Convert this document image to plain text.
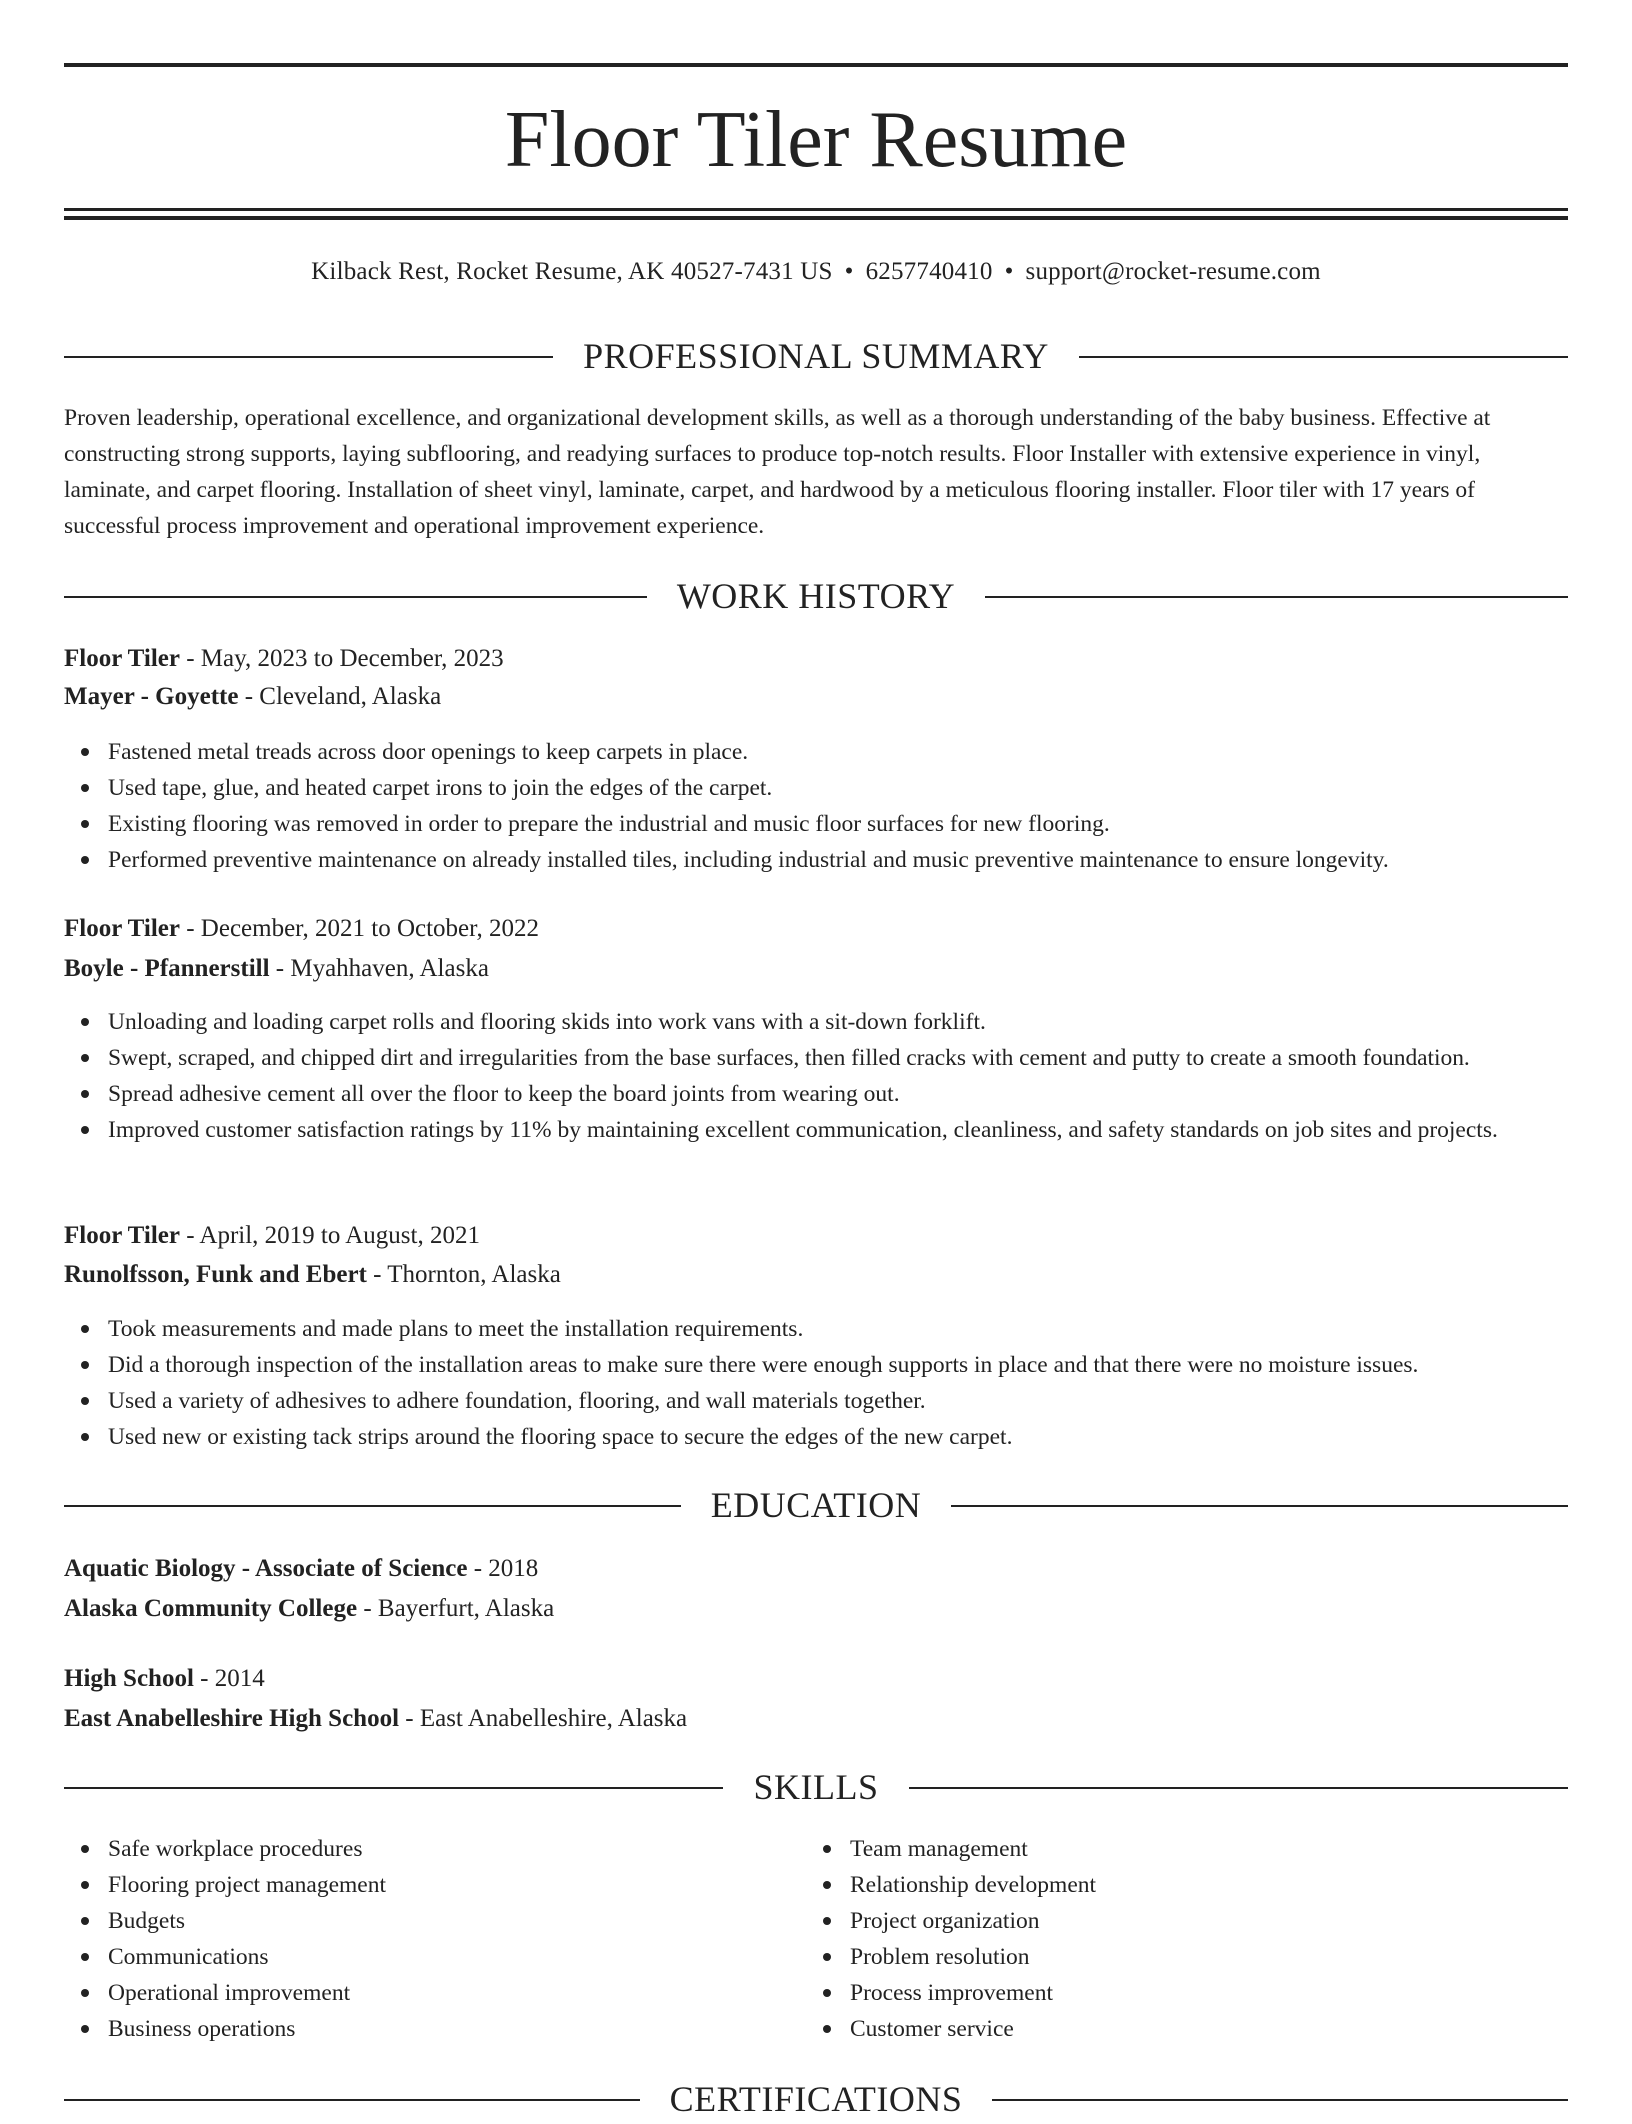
Floor Tiler Resume
Kilback Rest, Rocket Resume, AK 40527-7431 US • 6257740410 • support@rocket-resume.com
PROFESSIONAL SUMMARY

Proven leadership, operational excellence, and organizational development skills, as well as a thorough understanding of the baby business. Effective at constructing strong supports, laying subflooring, and readying surfaces to produce top-notch results. Floor Installer with extensive experience in vinyl, laminate, and carpet flooring. Installation of sheet vinyl, laminate, carpet, and hardwood by a meticulous flooring installer. Floor tiler with 17 years of successful process improvement and operational improvement experience.

WORK HISTORY
Floor Tiler - May, 2023 to December, 2023
Mayer - Goyette - Cleveland, Alaska
Fastened metal treads across door openings to keep carpets in place.
Used tape, glue, and heated carpet irons to join the edges of the carpet.
Existing flooring was removed in order to prepare the industrial and music floor surfaces for new flooring.
Performed preventive maintenance on already installed tiles, including industrial and music preventive maintenance to ensure longevity.
Floor Tiler - December, 2021 to October, 2022
Boyle - Pfannerstill - Myahhaven, Alaska
Unloading and loading carpet rolls and flooring skids into work vans with a sit-down forklift.
Swept, scraped, and chipped dirt and irregularities from the base surfaces, then filled cracks with cement and putty to create a smooth foundation.
Spread adhesive cement all over the floor to keep the board joints from wearing out.
Improved customer satisfaction ratings by 11% by maintaining excellent communication, cleanliness, and safety standards on job sites and projects.
Floor Tiler - April, 2019 to August, 2021
Runolfsson, Funk and Ebert - Thornton, Alaska
Took measurements and made plans to meet the installation requirements.
Did a thorough inspection of the installation areas to make sure there were enough supports in place and that there were no moisture issues.
Used a variety of adhesives to adhere foundation, flooring, and wall materials together.
Used new or existing tack strips around the flooring space to secure the edges of the new carpet.
EDUCATION
Aquatic Biology - Associate of Science - 2018
Alaska Community College - Bayerfurt, Alaska
High School - 2014
East Anabelleshire High School - East Anabelleshire, Alaska
SKILLS
Safe workplace procedures
Flooring project management
Budgets
Communications
Operational improvement
Business operations
Team management
Relationship development
Project organization
Problem resolution
Process improvement
Customer service
CERTIFICATIONS
